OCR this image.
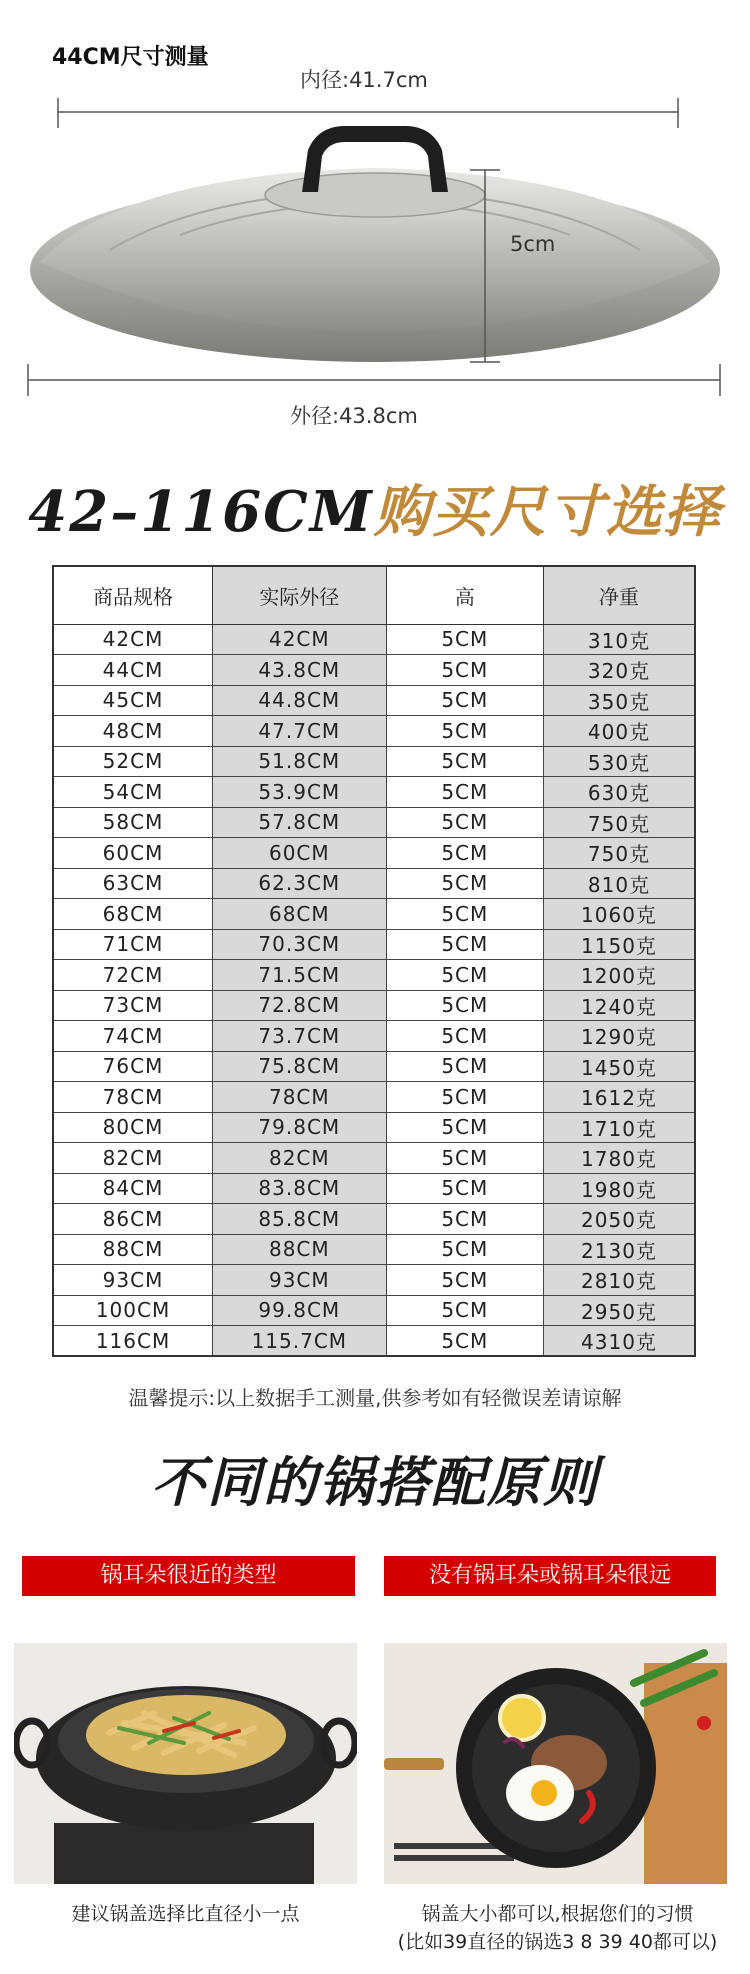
44CM尺寸测量
内径:41.7cm
5cm
外径:43.8cm
42–116CM购买尺寸选择
商品规格	实际外径	高	净重
42CM	42CM	5CM	310克
44CM	43.8CM	5CM	320克
45CM	44.8CM	5CM	350克
48CM	47.7CM	5CM	400克
52CM	51.8CM	5CM	530克
54CM	53.9CM	5CM	630克
58CM	57.8CM	5CM	750克
60CM	60CM	5CM	750克
63CM	62.3CM	5CM	810克
68CM	68CM	5CM	1060克
71CM	70.3CM	5CM	1150克
72CM	71.5CM	5CM	1200克
73CM	72.8CM	5CM	1240克
74CM	73.7CM	5CM	1290克
76CM	75.8CM	5CM	1450克
78CM	78CM	5CM	1612克
80CM	79.8CM	5CM	1710克
82CM	82CM	5CM	1780克
84CM	83.8CM	5CM	1980克
86CM	85.8CM	5CM	2050克
88CM	88CM	5CM	2130克
93CM	93CM	5CM	2810克
100CM	99.8CM	5CM	2950克
116CM	115.7CM	5CM	4310克
温馨提示:以上数据手工测量,供参考如有轻微误差请谅解
不同的锅搭配原则
锅耳朵很近的类型	没有锅耳朵或锅耳朵很远
建议锅盖选择比直径小一点	锅盖大小都可以,根据您们的习惯
(比如39直径的锅选3 8 39 40都可以)
